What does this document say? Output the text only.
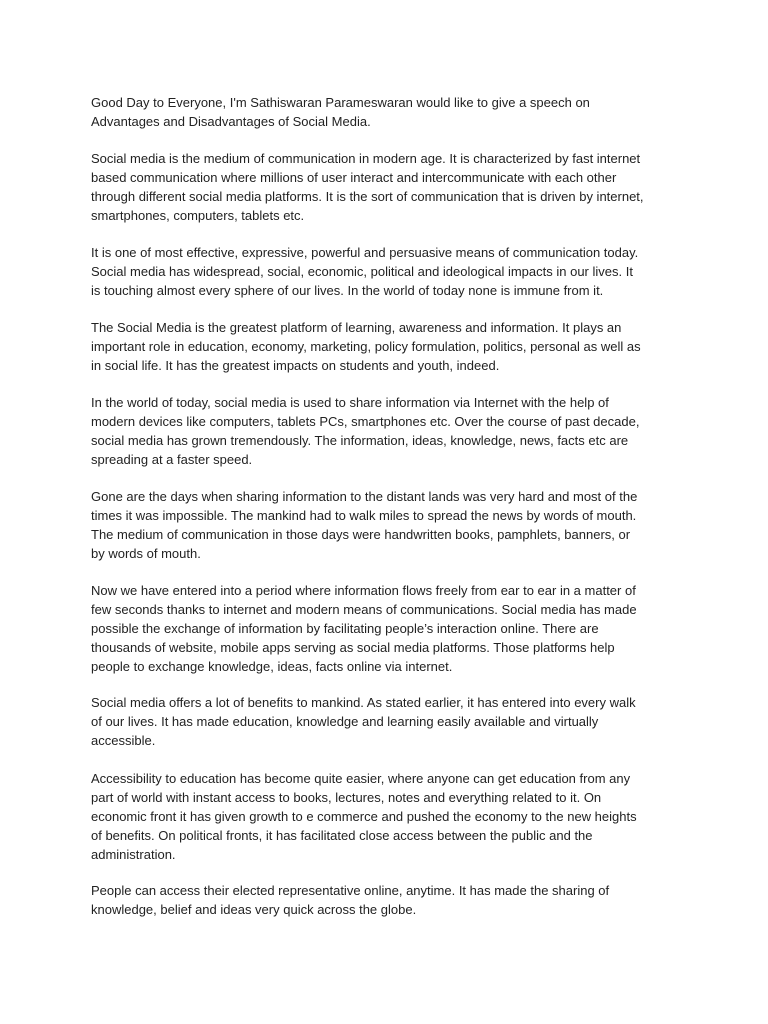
Good Day to Everyone, I'm Sathiswaran Parameswaran would like to give a speech on
Advantages and Disadvantages of Social Media.

Social media is the medium of communication in modern age. It is characterized by fast internet
based communication where millions of user interact and intercommunicate with each other
through different social media platforms. It is the sort of communication that is driven by internet,
smartphones, computers, tablets etc.

It is one of most effective, expressive, powerful and persuasive means of communication today.
Social media has widespread, social, economic, political and ideological impacts in our lives. It
is touching almost every sphere of our lives. In the world of today none is immune from it.

The Social Media is the greatest platform of learning, awareness and information. It plays an
important role in education, economy, marketing, policy formulation, politics, personal as well as
in social life. It has the greatest impacts on students and youth, indeed.

In the world of today, social media is used to share information via Internet with the help of
modern devices like computers, tablets PCs, smartphones etc. Over the course of past decade,
social media has grown tremendously. The information, ideas, knowledge, news, facts etc are
spreading at a faster speed.

Gone are the days when sharing information to the distant lands was very hard and most of the
times it was impossible. The mankind had to walk miles to spread the news by words of mouth.
The medium of communication in those days were handwritten books, pamphlets, banners, or
by words of mouth.

Now we have entered into a period where information flows freely from ear to ear in a matter of
few seconds thanks to internet and modern means of communications. Social media has made
possible the exchange of information by facilitating people’s interaction online. There are
thousands of website, mobile apps serving as social media platforms. Those platforms help
people to exchange knowledge, ideas, facts online via internet.

Social media offers a lot of benefits to mankind. As stated earlier, it has entered into every walk
of our lives. It has made education, knowledge and learning easily available and virtually
accessible.

Accessibility to education has become quite easier, where anyone can get education from any
part of world with instant access to books, lectures, notes and everything related to it. On
economic front it has given growth to e commerce and pushed the economy to the new heights
of benefits. On political fronts, it has facilitated close access between the public and the
administration.

People can access their elected representative online, anytime. It has made the sharing of
knowledge, belief and ideas very quick across the globe.
